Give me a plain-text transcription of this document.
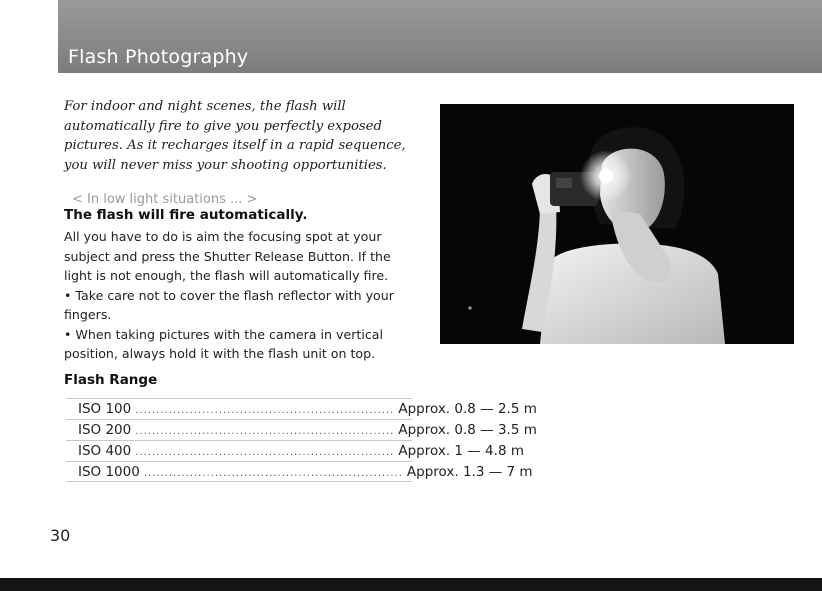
Flash Photography
For indoor and night scenes, the flash will
automatically fire to give you perfectly exposed
pictures. As it recharges itself in a rapid sequence,
you will never miss your shooting opportunities.
< In low light situations ... >
The flash will fire automatically.
All you have to do is aim the focusing spot at your
subject and press the Shutter Release Button. If the
light is not enough, the flash will automatically fire.
• Take care not to cover the flash reflector with your
fingers.
• When taking pictures with the camera in vertical
position, always hold it with the flash unit on top.
Flash Range
ISO 100 .............................................................. Approx. 0.8 — 2.5 m
ISO 200 .............................................................. Approx. 0.8 — 3.5 m
ISO 400 .............................................................. Approx. 1 — 4.8 m
ISO 1000 .............................................................. Approx. 1.3 — 7 m
30
